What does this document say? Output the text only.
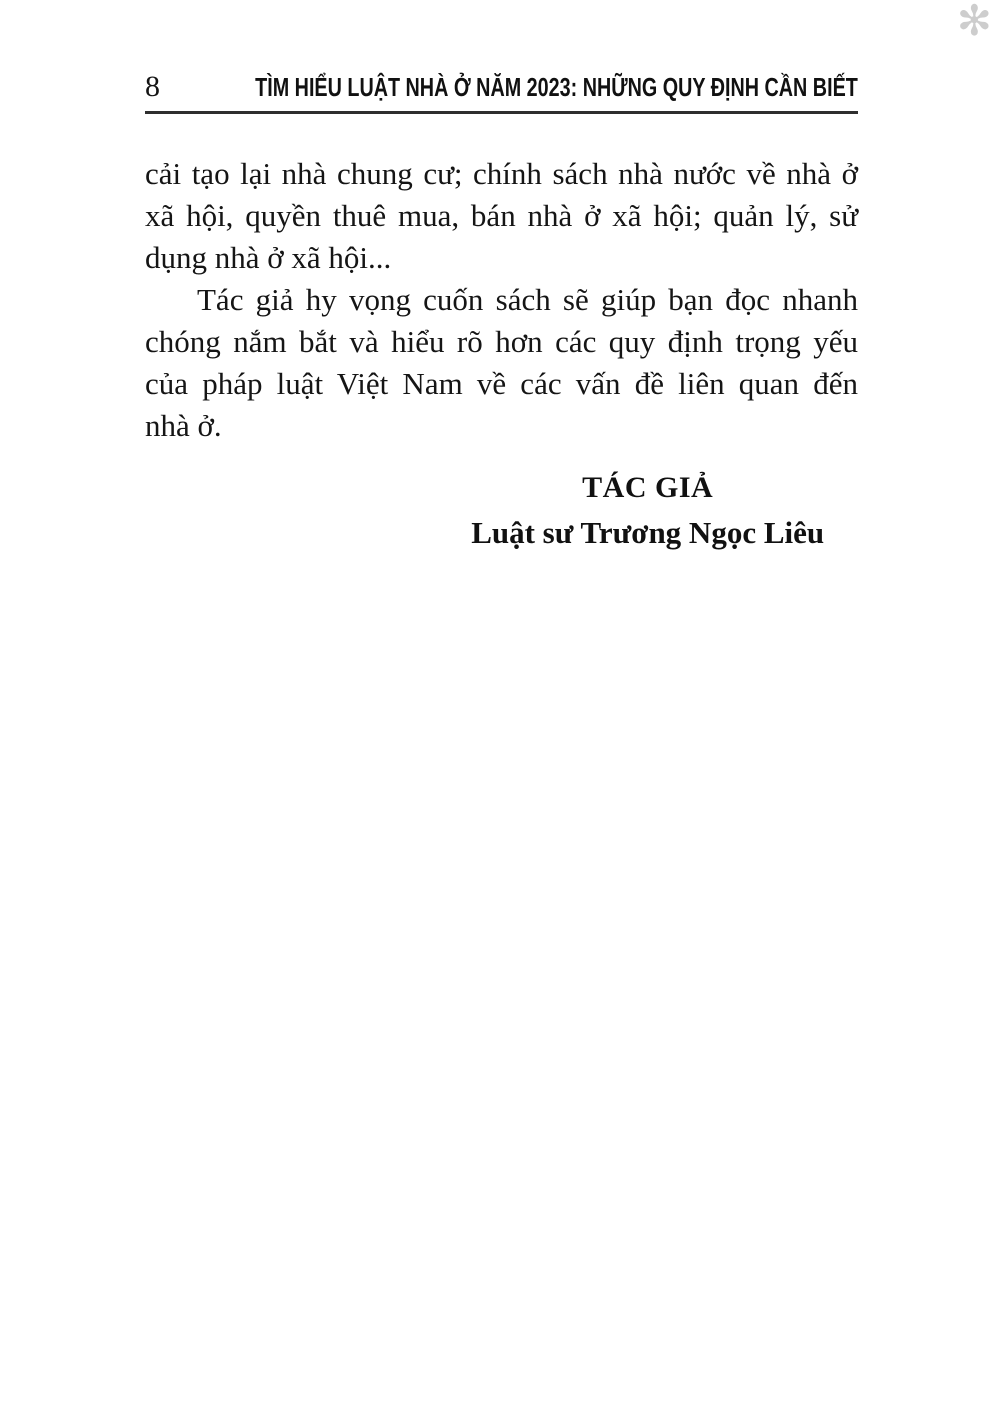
✻
8	TÌM HIỂU LUẬT NHÀ Ở NĂM 2023: NHỮNG QUY ĐỊNH CẦN BIẾT
cải tạo lại nhà chung cư; chính sách nhà nước về nhà ở
xã hội, quyền thuê mua, bán nhà ở xã hội; quản lý, sử
dụng nhà ở xã hội...
Tác giả hy vọng cuốn sách sẽ giúp bạn đọc nhanh
chóng nắm bắt và hiểu rõ hơn các quy định trọng yếu
của pháp luật Việt Nam về các vấn đề liên quan đến
nhà ở.
TÁC GIẢ
Luật sư Trương Ngọc Liêu
